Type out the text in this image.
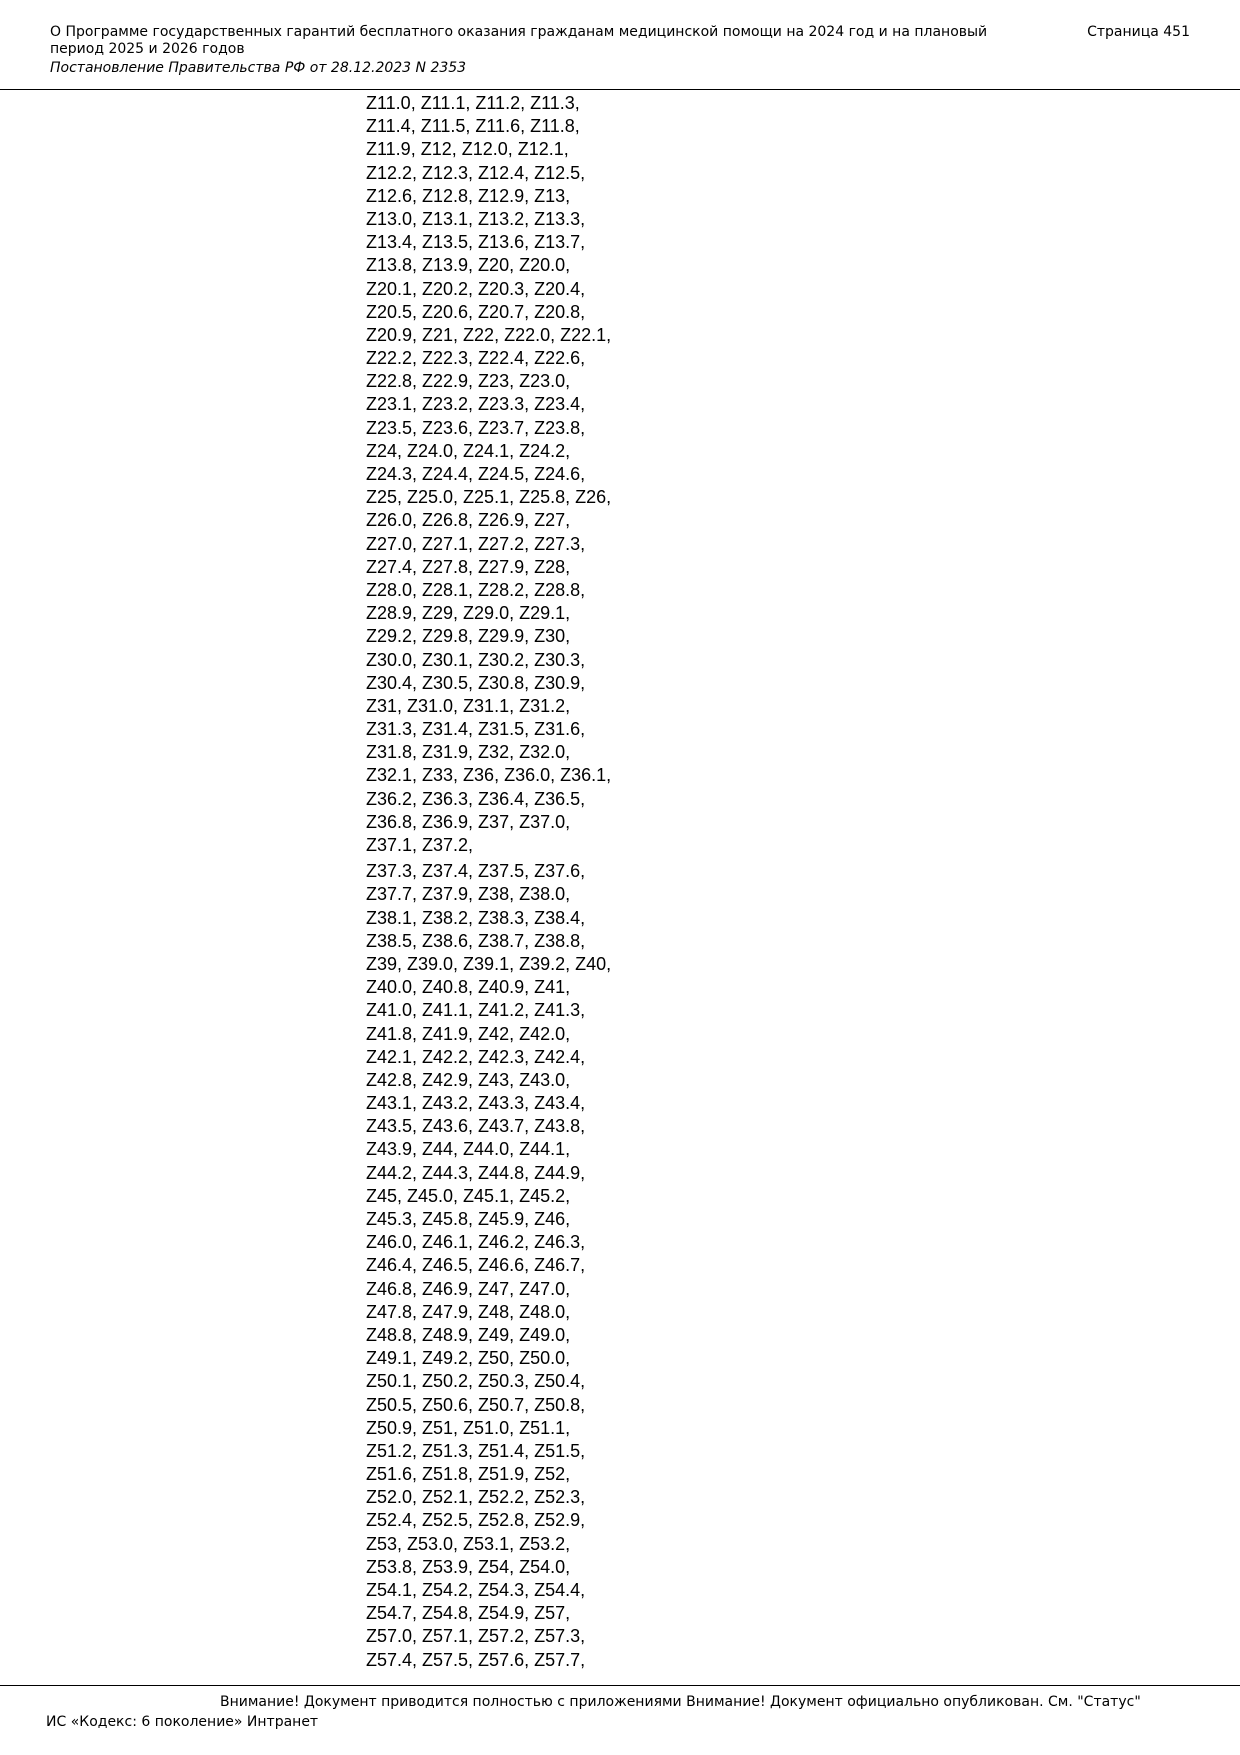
О Программе государственных гарантий бесплатного оказания гражданам медицинской помощи на 2024 год и на плановый период 2025 и 2026 годов
Постановление Правительства РФ от 28.12.2023 N 2353
Страница 451
Z11.0, Z11.1, Z11.2, Z11.3,
Z11.4, Z11.5, Z11.6, Z11.8,
Z11.9, Z12, Z12.0, Z12.1,
Z12.2, Z12.3, Z12.4, Z12.5,
Z12.6, Z12.8, Z12.9, Z13,
Z13.0, Z13.1, Z13.2, Z13.3,
Z13.4, Z13.5, Z13.6, Z13.7,
Z13.8, Z13.9, Z20, Z20.0,
Z20.1, Z20.2, Z20.3, Z20.4,
Z20.5, Z20.6, Z20.7, Z20.8,
Z20.9, Z21, Z22, Z22.0, Z22.1,
Z22.2, Z22.3, Z22.4, Z22.6,
Z22.8, Z22.9, Z23, Z23.0,
Z23.1, Z23.2, Z23.3, Z23.4,
Z23.5, Z23.6, Z23.7, Z23.8,
Z24, Z24.0, Z24.1, Z24.2,
Z24.3, Z24.4, Z24.5, Z24.6,
Z25, Z25.0, Z25.1, Z25.8, Z26,
Z26.0, Z26.8, Z26.9, Z27,
Z27.0, Z27.1, Z27.2, Z27.3,
Z27.4, Z27.8, Z27.9, Z28,
Z28.0, Z28.1, Z28.2, Z28.8,
Z28.9, Z29, Z29.0, Z29.1,
Z29.2, Z29.8, Z29.9, Z30,
Z30.0, Z30.1, Z30.2, Z30.3,
Z30.4, Z30.5, Z30.8, Z30.9,
Z31, Z31.0, Z31.1, Z31.2,
Z31.3, Z31.4, Z31.5, Z31.6,
Z31.8, Z31.9, Z32, Z32.0,
Z32.1, Z33, Z36, Z36.0, Z36.1,
Z36.2, Z36.3, Z36.4, Z36.5,
Z36.8, Z36.9, Z37, Z37.0,
Z37.1, Z37.2,
Z37.3, Z37.4, Z37.5, Z37.6,
Z37.7, Z37.9, Z38, Z38.0,
Z38.1, Z38.2, Z38.3, Z38.4,
Z38.5, Z38.6, Z38.7, Z38.8,
Z39, Z39.0, Z39.1, Z39.2, Z40,
Z40.0, Z40.8, Z40.9, Z41,
Z41.0, Z41.1, Z41.2, Z41.3,
Z41.8, Z41.9, Z42, Z42.0,
Z42.1, Z42.2, Z42.3, Z42.4,
Z42.8, Z42.9, Z43, Z43.0,
Z43.1, Z43.2, Z43.3, Z43.4,
Z43.5, Z43.6, Z43.7, Z43.8,
Z43.9, Z44, Z44.0, Z44.1,
Z44.2, Z44.3, Z44.8, Z44.9,
Z45, Z45.0, Z45.1, Z45.2,
Z45.3, Z45.8, Z45.9, Z46,
Z46.0, Z46.1, Z46.2, Z46.3,
Z46.4, Z46.5, Z46.6, Z46.7,
Z46.8, Z46.9, Z47, Z47.0,
Z47.8, Z47.9, Z48, Z48.0,
Z48.8, Z48.9, Z49, Z49.0,
Z49.1, Z49.2, Z50, Z50.0,
Z50.1, Z50.2, Z50.3, Z50.4,
Z50.5, Z50.6, Z50.7, Z50.8,
Z50.9, Z51, Z51.0, Z51.1,
Z51.2, Z51.3, Z51.4, Z51.5,
Z51.6, Z51.8, Z51.9, Z52,
Z52.0, Z52.1, Z52.2, Z52.3,
Z52.4, Z52.5, Z52.8, Z52.9,
Z53, Z53.0, Z53.1, Z53.2,
Z53.8, Z53.9, Z54, Z54.0,
Z54.1, Z54.2, Z54.3, Z54.4,
Z54.7, Z54.8, Z54.9, Z57,
Z57.0, Z57.1, Z57.2, Z57.3,
Z57.4, Z57.5, Z57.6, Z57.7,
Внимание! Документ приводится полностью с приложениями Внимание! Документ официально опубликован. См. "Статус"
ИС «Кодекс: 6 поколение» Интранет
